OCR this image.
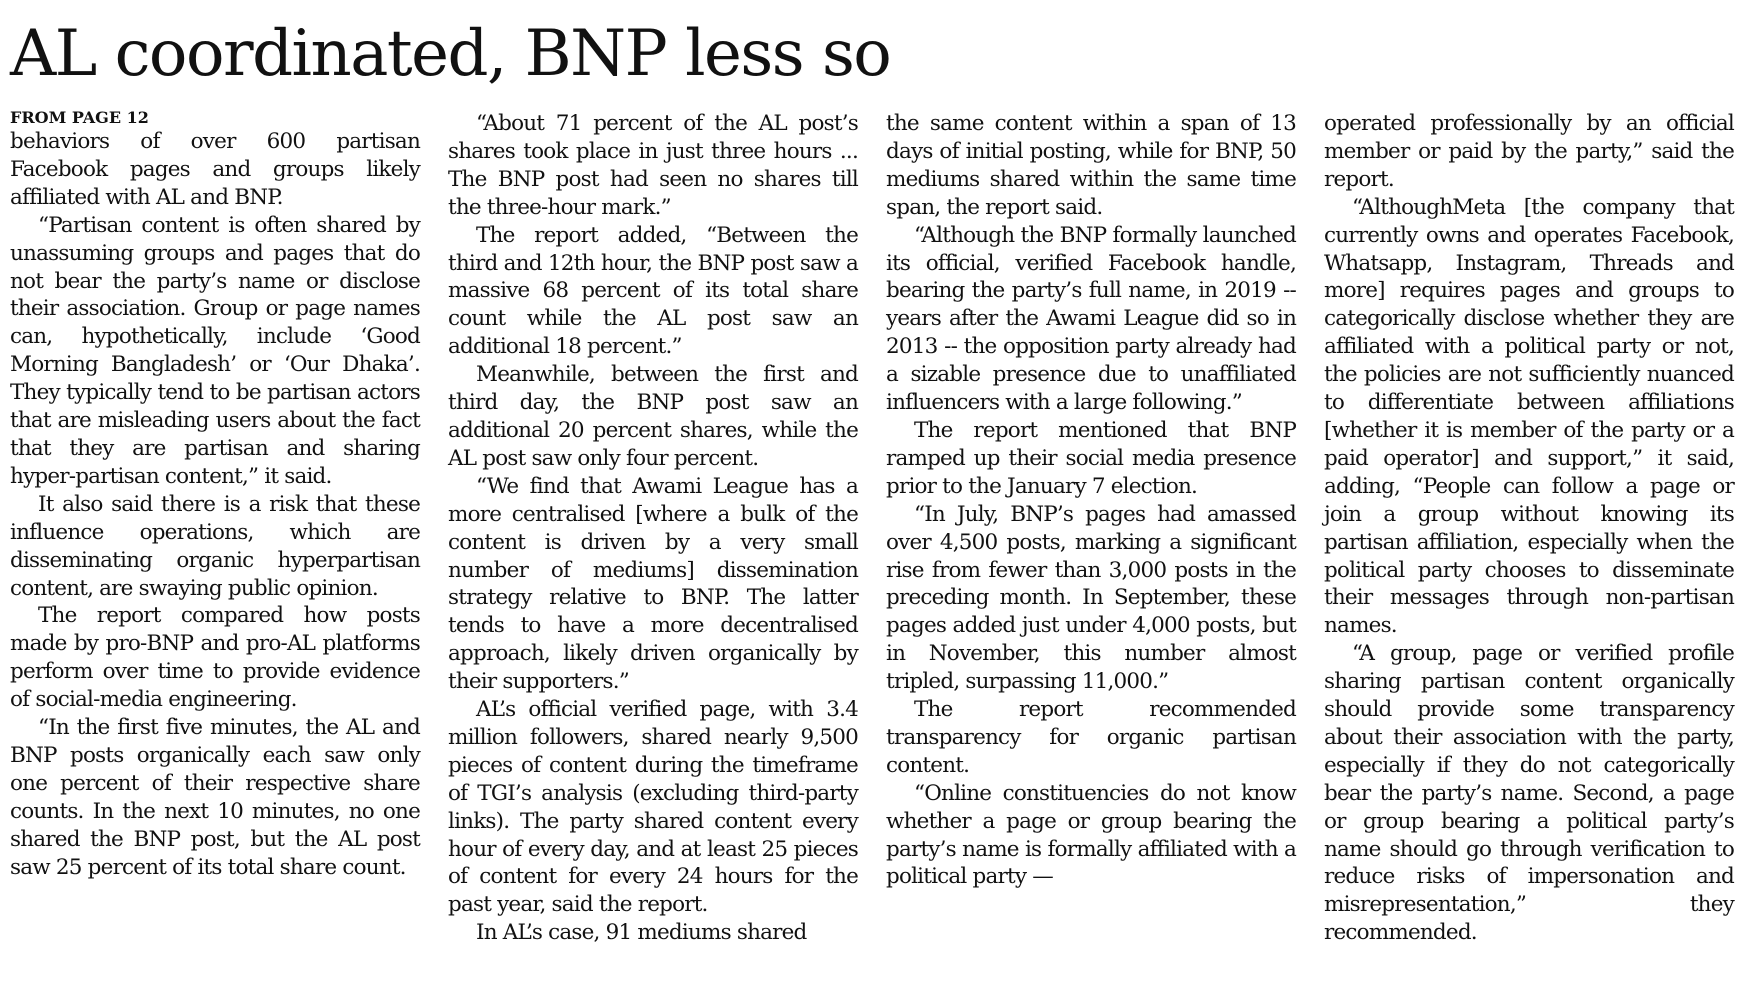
AL coordinated, BNP less so
FROM PAGE 12

behaviors of over 600 partisan Facebook pages and groups likely affiliated with AL and BNP.

“Partisan content is often shared by unassuming groups and pages that do not bear the party’s name or disclose their association. Group or page names can, hypothetically, include ‘Good Morning Bangladesh’ or ‘Our Dhaka’. They typically tend to be partisan actors that are misleading users about the fact that they are partisan and sharing hyper-partisan content,” it said.

It also said there is a risk that these influence operations, which are disseminating organic hyperpartisan content, are swaying public opinion.

The report compared how posts made by pro-BNP and pro-AL platforms perform over time to provide evidence of social-media engineering.

“In the first five minutes, the AL and BNP posts organically each saw only one percent of their respective share counts. In the next 10 minutes, no one shared the BNP post, but the AL post saw 25 percent of its total share count.

“About 71 percent of the AL post’s shares took place in just three hours ... The BNP post had seen no shares till the three-hour mark.”

The report added, “Between the third and 12th hour, the BNP post saw a massive 68 percent of its total share count while the AL post saw an additional 18 percent.”

Meanwhile, between the first and third day, the BNP post saw an additional 20 percent shares, while the AL post saw only four percent.

“We find that Awami League has a more centralised [where a bulk of the content is driven by a very small number of mediums] dissemination strategy relative to BNP. The latter tends to have a more decentralised approach, likely driven organically by their supporters.”

AL’s official verified page, with 3.4 million followers, shared nearly 9,500 pieces of content during the timeframe of TGI’s analysis (excluding third-party links). The party shared content every hour of every day, and at least 25 pieces of content for every 24 hours for the past year, said the report.

In AL’s case, 91 mediums shared

the same content within a span of 13 days of initial posting, while for BNP, 50 mediums shared within the same time span, the report said.

“Although the BNP formally launched its official, verified Facebook handle, bearing the party’s full name, in 2019 -- years after the Awami League did so in 2013 -- the opposition party already had a sizable presence due to unaffiliated influencers with a large following.”

The report mentioned that BNP ramped up their social media presence prior to the January 7 election.

“In July, BNP’s pages had amassed over 4,500 posts, marking a significant rise from fewer than 3,000 posts in the preceding month. In September, these pages added just under 4,000 posts, but in November, this number almost tripled, surpassing 11,000.”

The report recommended transparency for organic partisan content.

“Online constituencies do not know whether a page or group bearing the party’s name is formally affiliated with a political party —

operated professionally by an official member or paid by the party,” said the report.

“AlthoughMeta [the company that currently owns and operates Facebook, Whatsapp, Instagram, Threads and more] requires pages and groups to categorically disclose whether they are affiliated with a political party or not, the policies are not sufficiently nuanced to differentiate between affiliations [whether it is member of the party or a paid operator] and support,” it said, adding, “People can follow a page or join a group without knowing its partisan affiliation, especially when the political party chooses to disseminate their messages through non-partisan names.

“A group, page or verified profile sharing partisan content organically should provide some transparency about their association with the party, especially if they do not categorically bear the party’s name. Second, a page or group bearing a political party’s name should go through verification to reduce risks of impersonation and misrepresentation,” they recommended.
